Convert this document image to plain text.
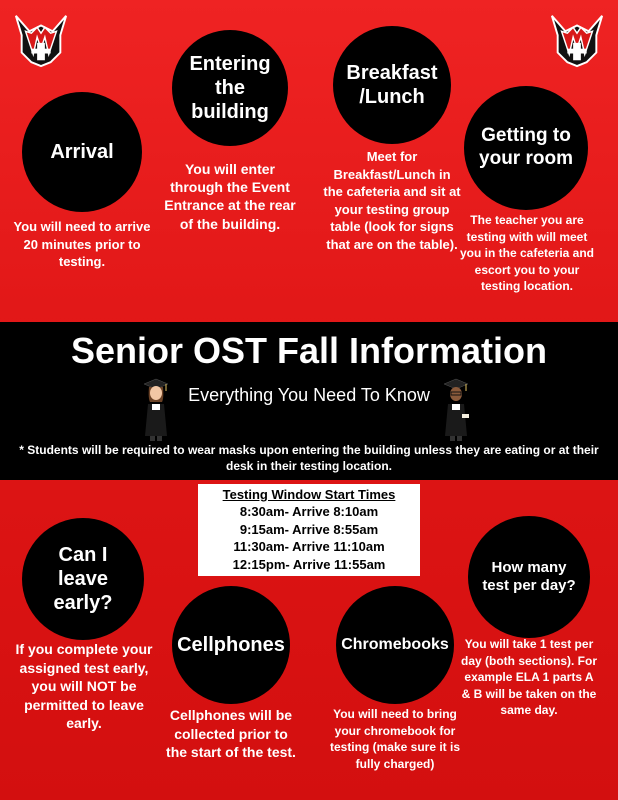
Arrival
You will need to arrive 20 minutes prior to testing.
Entering the building
You will enter through the Event Entrance at the rear of the building.
Breakfast /Lunch
Meet for Breakfast/Lunch in the cafeteria and sit at your testing group table (look for signs that are on the table).
Getting to your room
The teacher you are testing with will meet you in the cafeteria and escort you to your testing location.
Senior OST Fall Information
Everything You Need To Know
* Students will be required to wear masks upon entering the building unless they are eating or at their desk in their testing location.
Testing Window Start Times
8:30am- Arrive 8:10am
9:15am- Arrive 8:55am
11:30am- Arrive 11:10am
12:15pm- Arrive 11:55am
Can I leave early?
If you complete your assigned test early, you will NOT be permitted to leave early.
Cellphones
Cellphones will be collected prior to the start of the test.
Chromebooks
You will need to bring your chromebook for testing (make sure it is fully charged)
How many test per day?
You will take 1 test per day (both sections). For example ELA 1 parts A & B will be taken on the same day.
